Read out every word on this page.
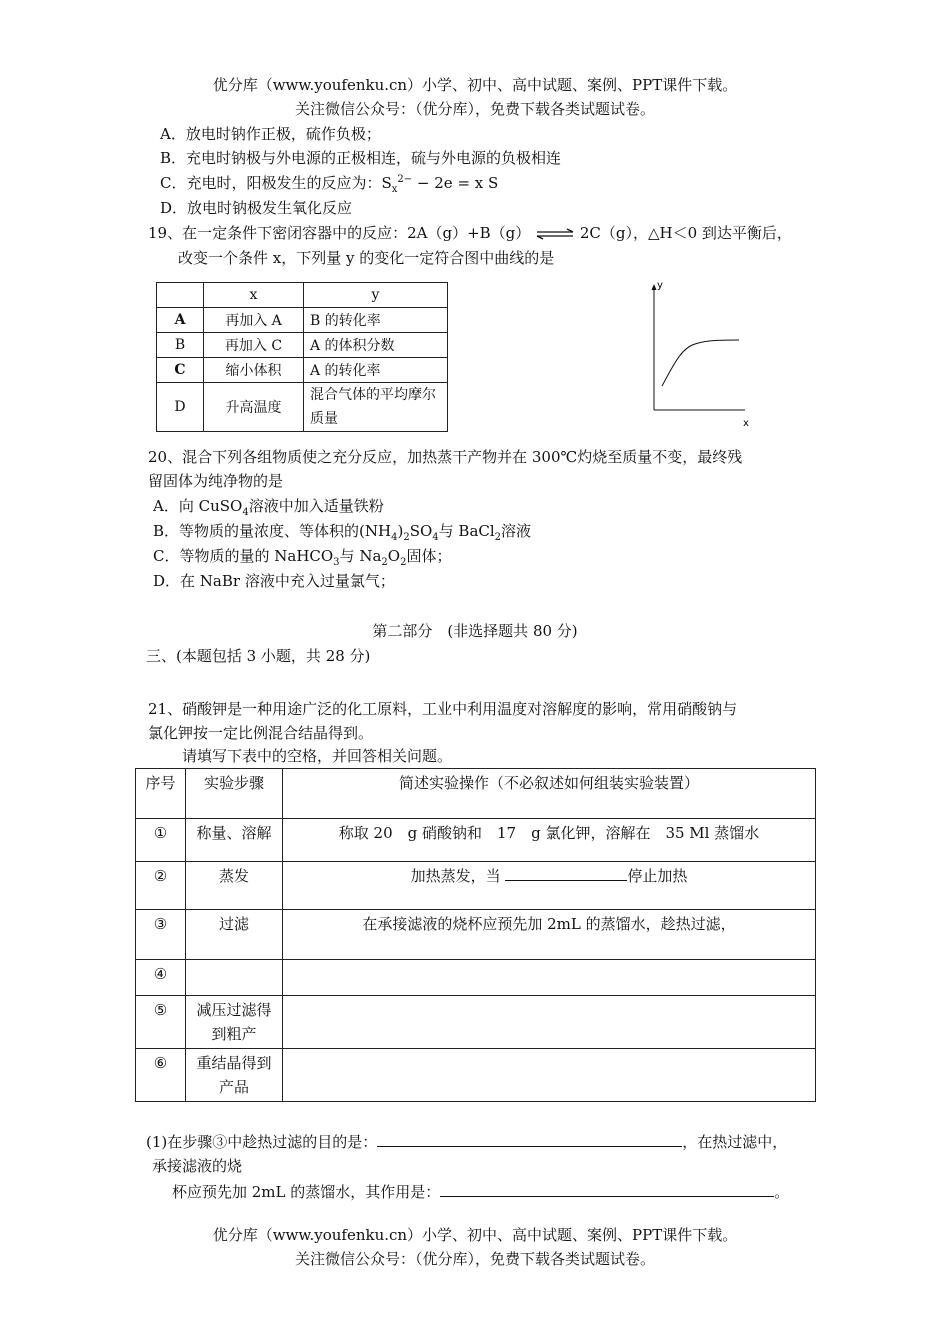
优分库（www.youfenku.cn）小学、初中、高中试题、案例、PPT课件下载。
关注微信公众号：（优分库），免费下载各类试题试卷。
A．放电时钠作正极，硫作负极；
B．充电时钠极与外电源的正极相连，硫与外电源的负极相连
C．充电时，阳极发生的反应为：$S_x^{2-} - 2e = x$ S
D．放电时钠极发生氧化反应
19、在一定条件下密闭容器中的反应：2A（g）+B（g） ⇌ 2C（g），△H＜0 到达平衡后，
改变一个条件 x，下列量 y 的变化一定符合图中曲线的是
	x	y
A	再加入 A	B 的转化率
B	再加入 C	A 的体积分数
C	缩小体积	A 的转化率
D	升高温度	混合气体的平均摩尔质量
y
x
20、混合下列各组物质使之充分反应，加热蒸干产物并在 300℃灼烧至质量不变，最终残
留固体为纯净物的是
A．向 CuSO$_4$溶液中加入适量铁粉
B．等物质的量浓度、等体积的$(NH_4)_2SO_4$与 BaCl$_2$溶液
C．等物质的量的 NaHCO$_3$与 $Na_2O_2$固体；
D．在 NaBr 溶液中充入过量氯气；
第二部分　(非选择题共 80 分)
三、(本题包括 3 小题，共 28 分)
21、硝酸钾是一种用途广泛的化工原料，工业中利用温度对溶解度的影响，常用硝酸钠与
氯化钾按一定比例混合结晶得到。
请填写下表中的空格，并回答相关问题。
序号	实验步骤	简述实验操作（不必叙述如何组装实验装置）
①	称量、溶解	称取 20　g 硝酸钠和　17　g 氯化钾，溶解在　35 Ml 蒸馏水
②	蒸发	加热蒸发，当 停止加热
③	过滤	在承接滤液的烧杯应预先加 2mL 的蒸馏水，趁热过滤，
④		
⑤	减压过滤得到粗产	
⑥	重结晶得到产品	
(1)在步骤③中趁热过滤的目的是：	，在热过滤中，
承接滤液的烧
杯应预先加 2mL 的蒸馏水，其作用是：	。
优分库（www.youfenku.cn）小学、初中、高中试题、案例、PPT课件下载。
关注微信公众号：（优分库），免费下载各类试题试卷。
